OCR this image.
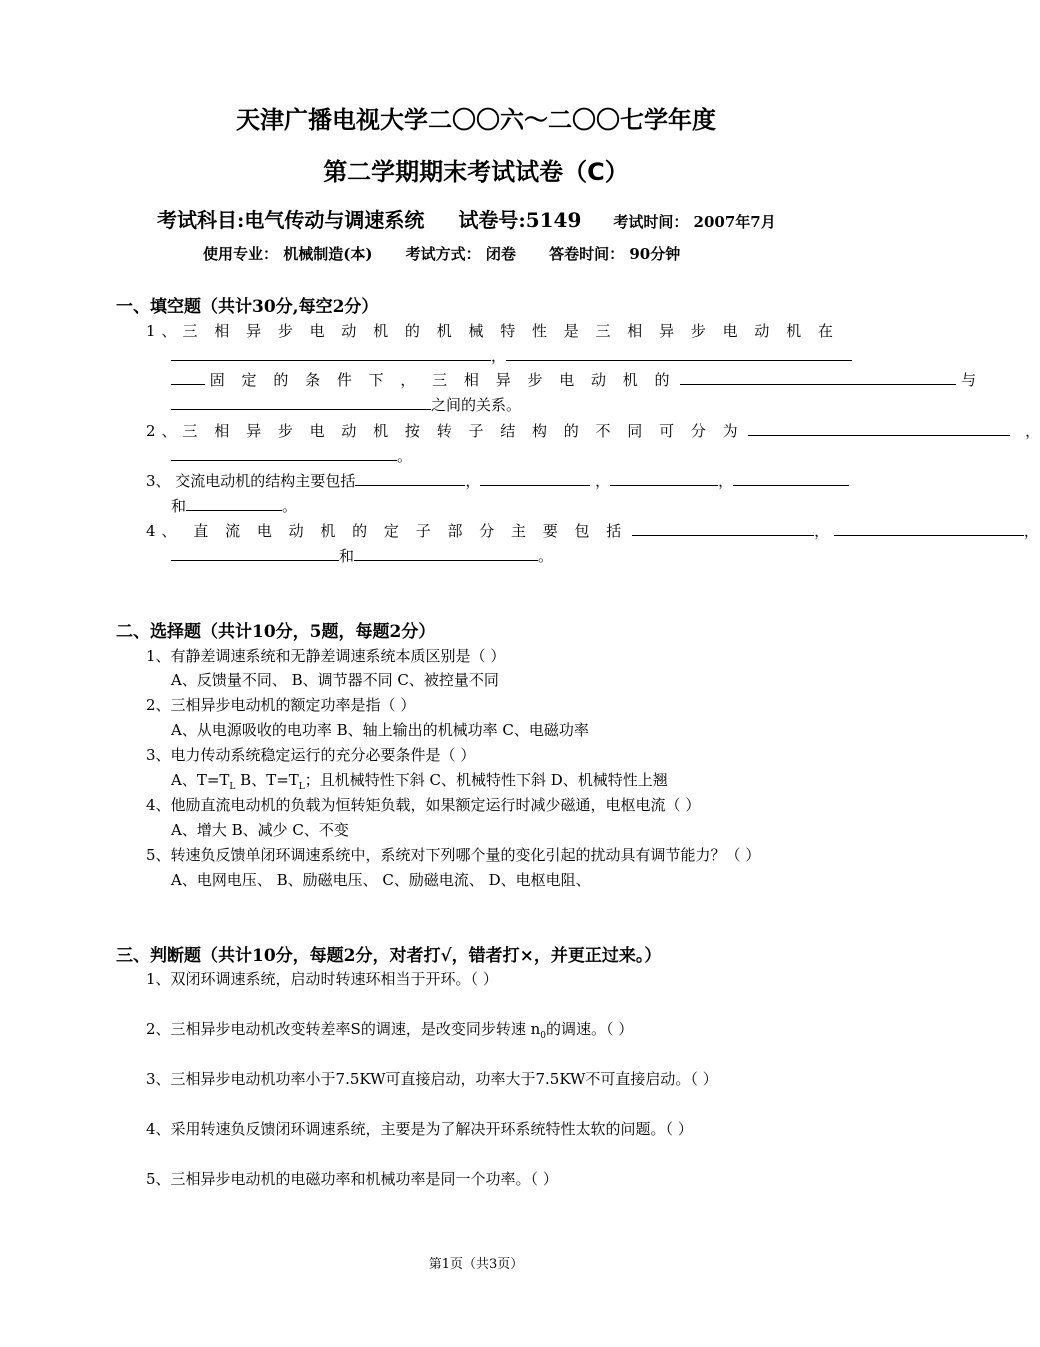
天津广播电视大学二〇〇六～二〇〇七学年度
第二学期期末考试试卷（C）
考试科目:电气传动与调速系统 试卷号:5149 考试时间： 2007年7月
使用专业： 机械制造(本) 考试方式： 闭卷 答卷时间： 90分钟
一、填空题（共计30分,每空2分）
1、三 相 异 步 电 动 机 的 机 械 特 性 是 三 相 异 步 电 动 机 在
，
固 定 的 条 件 下 ， 三 相 异 步 电 动 机 的	与
之间的关系。
2、三 相 异 步 电 动 机 按 转 子 结 构 的 不 同 可 分 为	，
。
3、 交流电动机的结构主要包括	，	，	，
和	。
4、 直 流 电 动 机 的 定 子 部 分 主 要 包 括	，	，
和	。
二、选择题（共计10分，5题，每题2分）
1、有静差调速系统和无静差调速系统本质区别是（ ）
A、反馈量不同、 B、调节器不同 C、被控量不同
2、三相异步电动机的额定功率是指（ ）
A、从电源吸收的电功率 B、轴上输出的机械功率 C、电磁功率
3、电力传动系统稳定运行的充分必要条件是（ ）
A、$T=T_L$ B、$T=T_L$；且机械特性下斜 C、机械特性下斜 D、机械特性上翘
4、他励直流电动机的负载为恒转矩负载，如果额定运行时减少磁通，电枢电流（ ）
A、增大 B、减少 C、不变
5、转速负反馈单闭环调速系统中，系统对下列哪个量的变化引起的扰动具有调节能力？（ ）
A、电网电压、 B、励磁电压、 C、励磁电流、 D、电枢电阻、
三、判断题（共计10分，每题2分，对者打√，错者打×，并更正过来。）
1、双闭环调速系统，启动时转速环相当于开环。（ ）
2、三相异步电动机改变转差率S的调速，是改变同步转速 $n_0$的调速。（ ）
3、三相异步电动机功率小于7.5KW可直接启动，功率大于7.5KW不可直接启动。（ ）
4、采用转速负反馈闭环调速系统，主要是为了解决开环系统特性太软的问题。（ ）
5、三相异步电动机的电磁功率和机械功率是同一个功率。（ ）
第1页（共3页）
